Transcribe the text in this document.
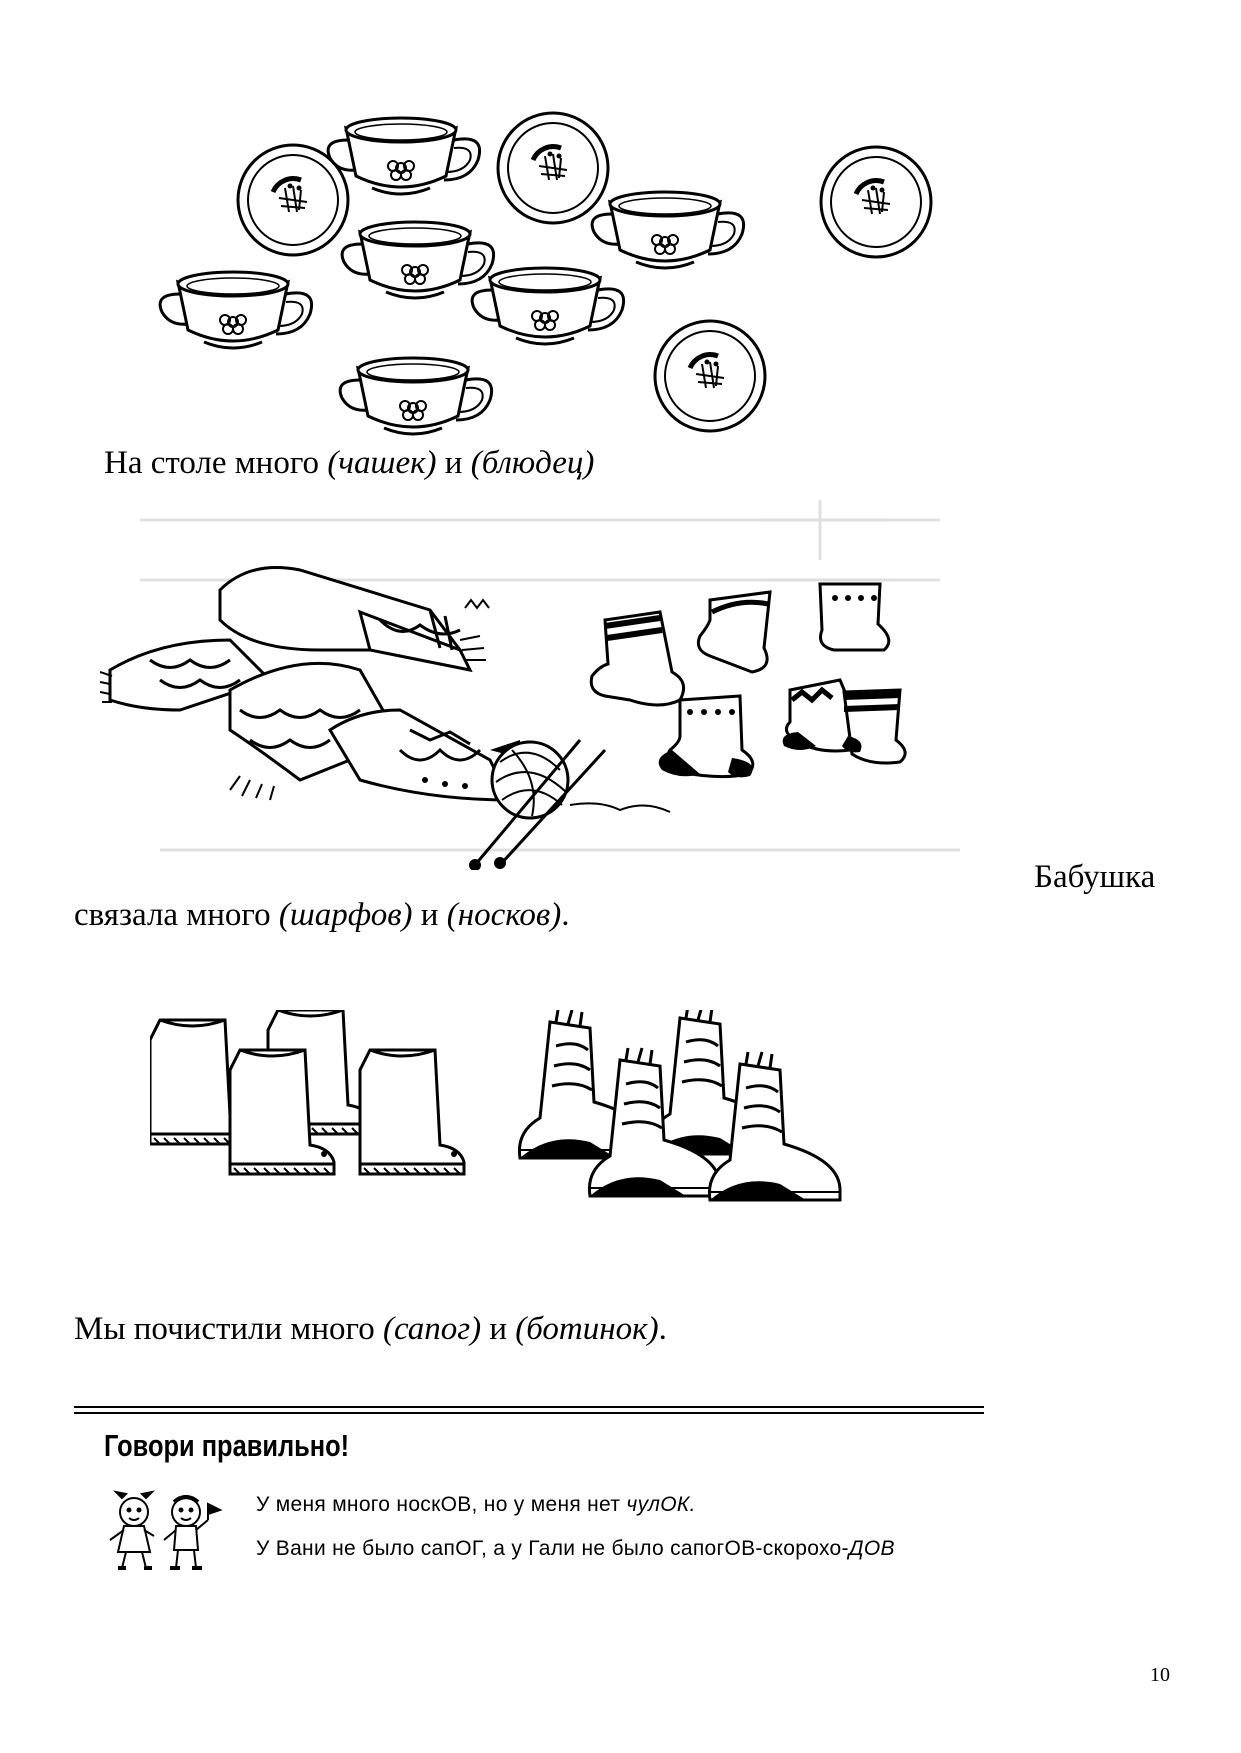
На столе много (чашек) и (блюдец)
Бабушка
связала много (шарфов) и (носков).
Мы почистили много (сапог) и (ботинок).
Говори правильно!
У меня много носкОВ, но у меня нет чулОК.
У Вани не было сапОГ, а у Гали не было сапогОВ-скорохо-ДОВ
10
